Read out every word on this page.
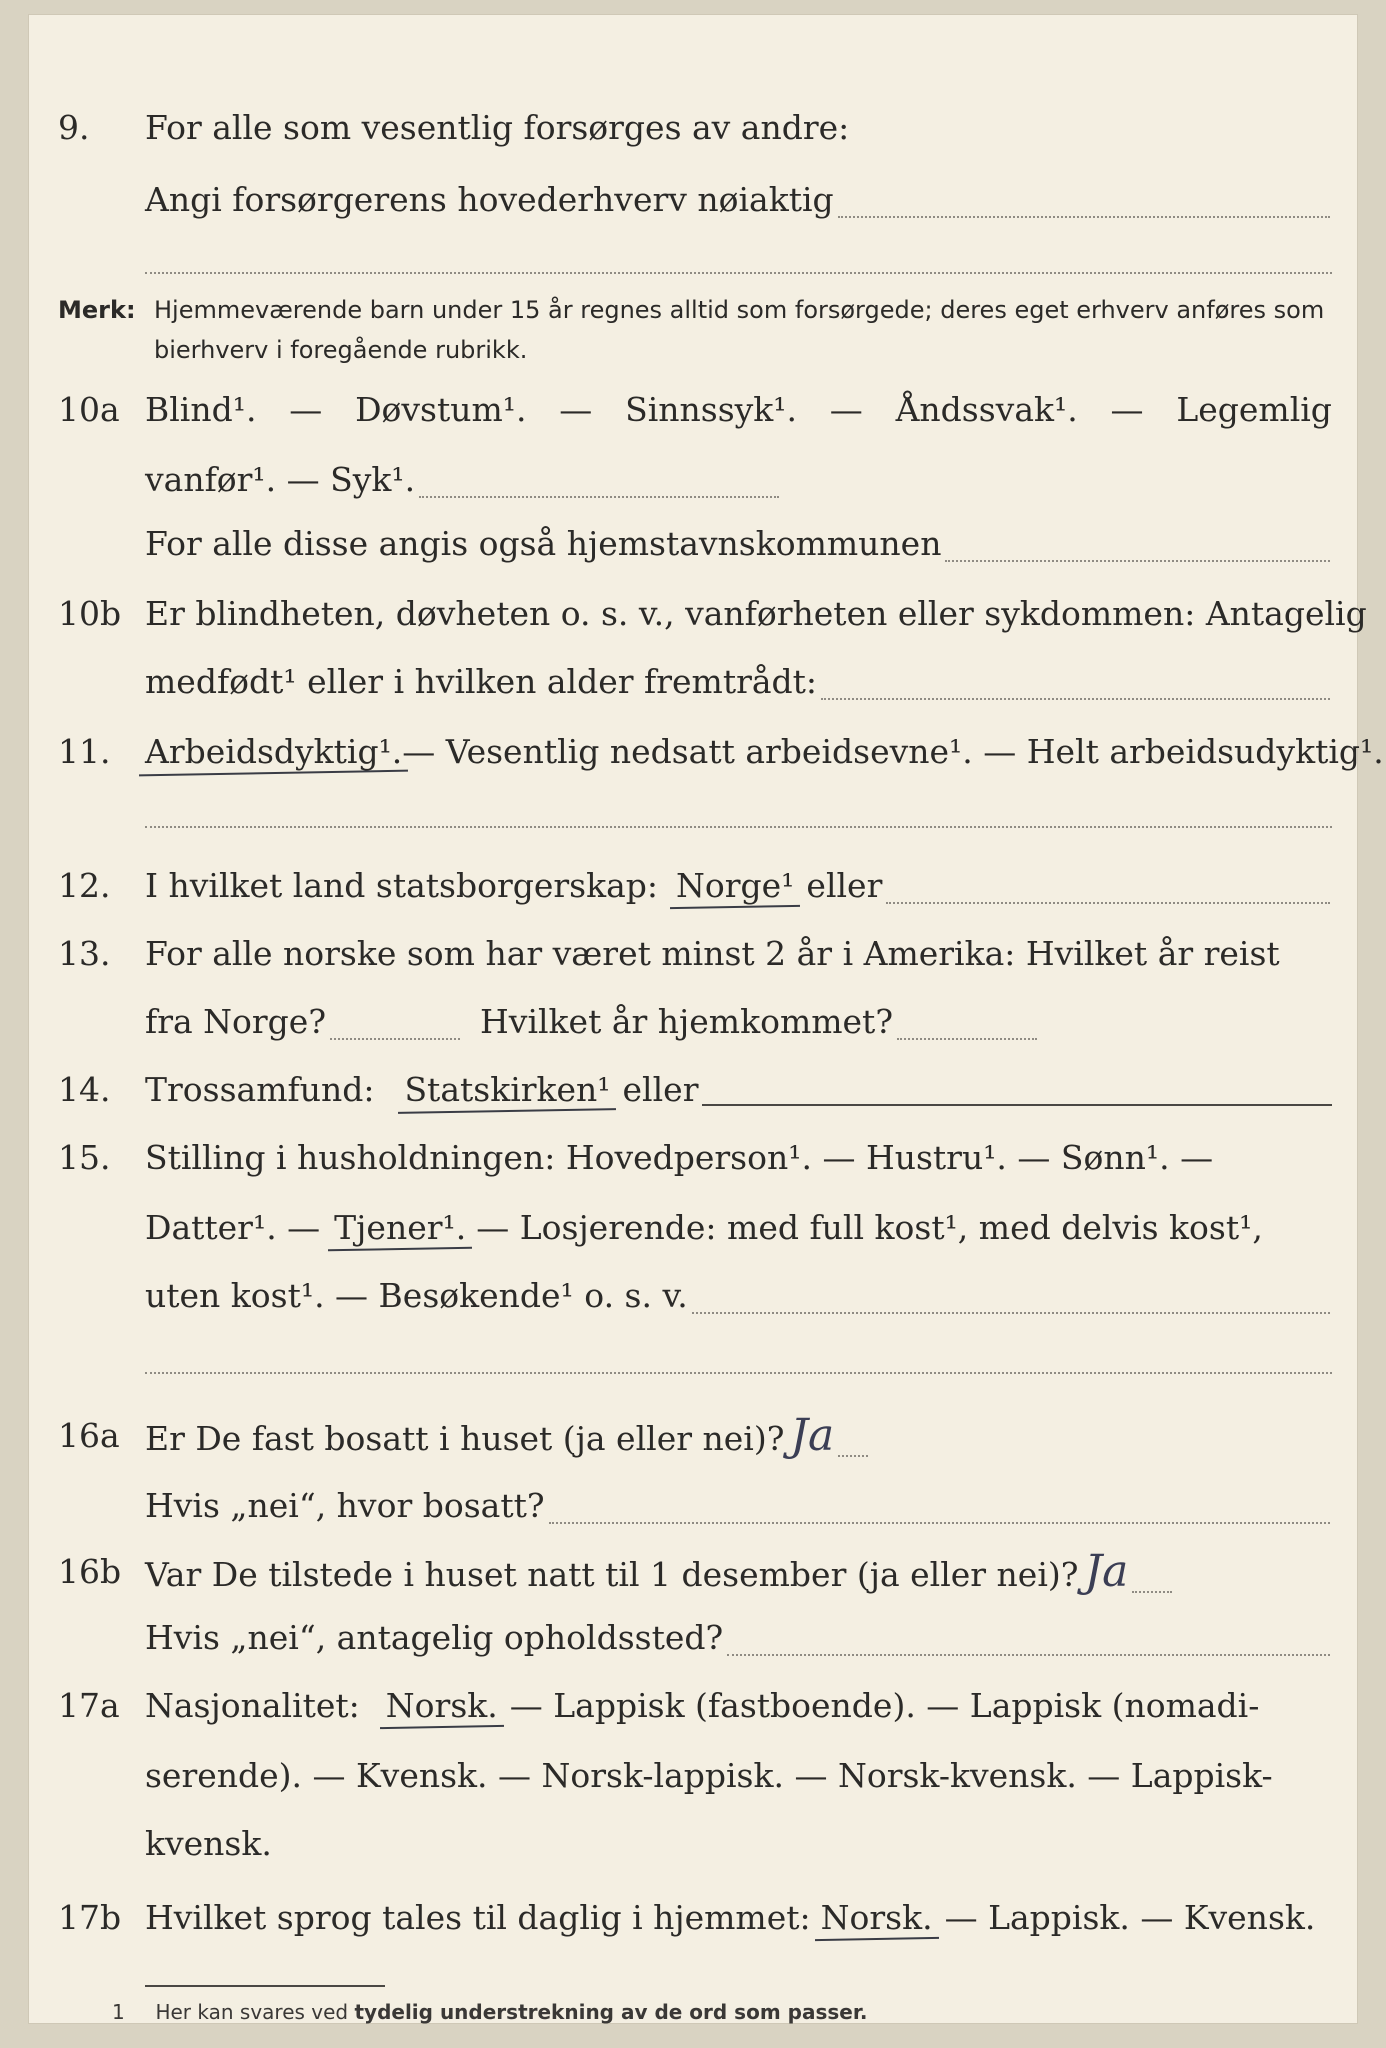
9.	For alle som vesentlig forsørges av andre:
Angi forsørgerens hovederhverv nøiaktig
Merk: Hjemmeværende barn under 15 år regnes alltid som forsørgede; deres eget erhverv anføres som bierhverv i foregående rubrikk.
10a Blind¹. — Døvstum¹. — Sinnssyk¹. — Åndssvak¹. — Legemlig
vanfør¹. — Syk¹.
For alle disse angis også hjemstavnskommunen
10b Er blindheten, døvheten o. s. v., vanførheten eller sykdommen: Antagelig
medfødt¹ eller i hvilken alder fremtrådt:
11.	Arbeidsdyktig¹. — Vesentlig nedsatt arbeidsevne¹. — Helt arbeidsudyktig¹.
12.	I hvilket land statsborgerskap: Norge¹ eller
13.	For alle norske som har været minst 2 år i Amerika: Hvilket år reist
fra Norge?	Hvilket år hjemkommet?
14.	Trossamfund: Statskirken¹ eller
15.	Stilling i husholdningen: Hovedperson¹. — Hustru¹. — Sønn¹. —
Datter¹. — Tjener¹. — Losjerende: med full kost¹, med delvis kost¹,
uten kost¹. — Besøkende¹ o. s. v.
16a Er De fast bosatt i huset (ja eller nei)? Ja
Hvis „nei“, hvor bosatt?
16b Var De tilstede i huset natt til 1 desember (ja eller nei)? Ja
Hvis „nei“, antagelig opholdssted?
17a Nasjonalitet: Norsk. — Lappisk (fastboende). — Lappisk (nomadi-
serende). — Kvensk. — Norsk-lappisk. — Norsk-kvensk. — Lappisk-
kvensk.
17b Hvilket sprog tales til daglig i hjemmet: Norsk. — Lappisk. — Kvensk.
1 Her kan svares ved tydelig understrekning av de ord som passer.
